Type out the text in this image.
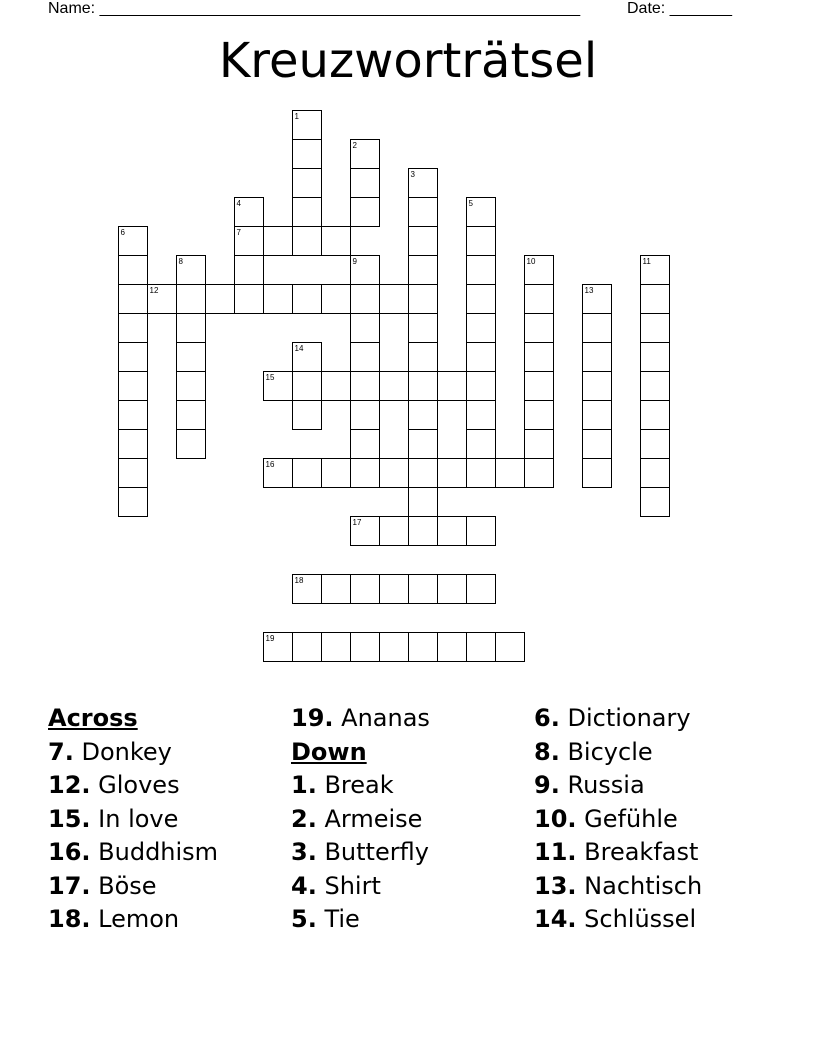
Name: ______________________________________________________	Date: _______
Kreuzworträtsel
1
2
3
4	5
6	7
8	9	10	11
12	13
14
15
16
17
18
19
Across
7. Donkey
12. Gloves
15. In love
16. Buddhism
17. Böse
18. Lemon
19. Ananas
Down
1. Break
2. Armeise
3. Butterfly
4. Shirt
5. Tie
6. Dictionary
8. Bicycle
9. Russia
10. Gefühle
11. Breakfast
13. Nachtisch
14. Schlüssel
